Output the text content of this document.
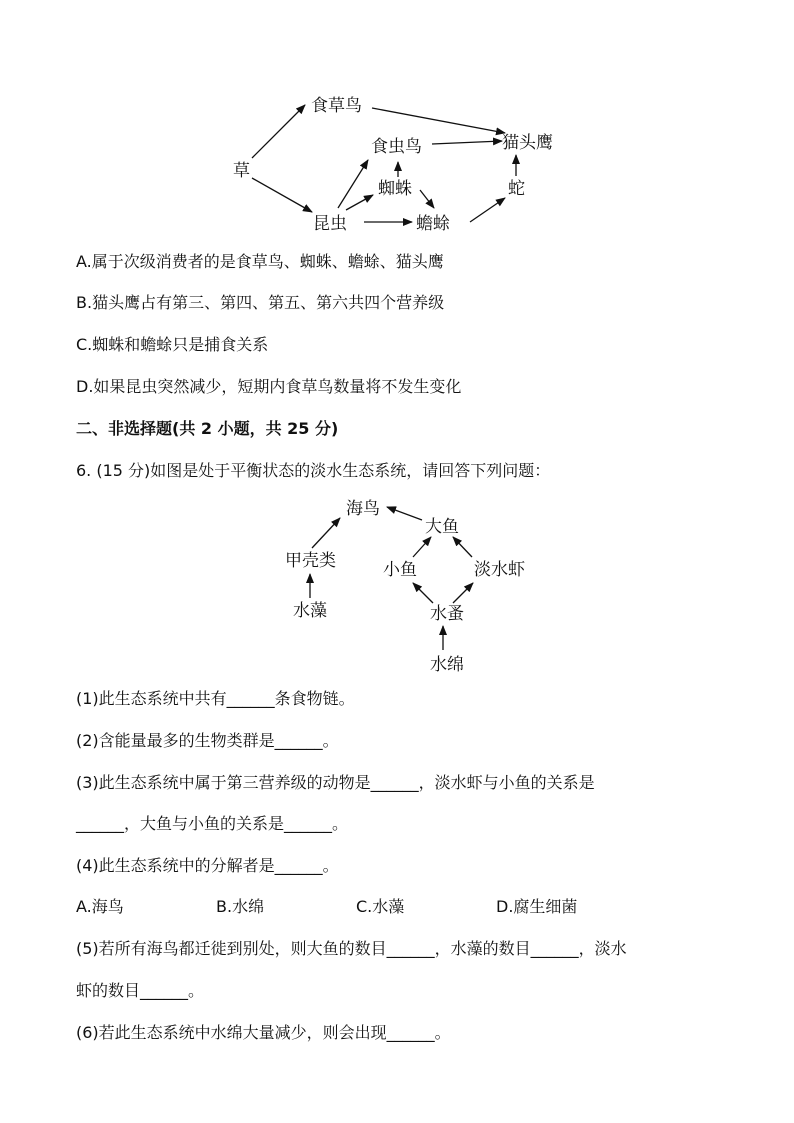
草
食草鸟
食虫鸟	猫头鹰
蜘蛛	蛇
昆虫	蟾蜍
海鸟
大鱼
甲壳类	小鱼	淡水虾
水藻	水蚤
水绵
A.属于次级消费者的是食草鸟、蜘蛛、蟾蜍、猫头鹰
B.猫头鹰占有第三、第四、第五、第六共四个营养级
C.蜘蛛和蟾蜍只是捕食关系
D.如果昆虫突然减少，短期内食草鸟数量将不发生变化
二、非选择题(共 2 小题，共 25 分)
6. (15 分)如图是处于平衡状态的淡水生态系统，请回答下列问题：
(1)此生态系统中共有______条食物链。
(2)含能量最多的生物类群是______。
(3)此生态系统中属于第三营养级的动物是______，淡水虾与小鱼的关系是
______，大鱼与小鱼的关系是______。
(4)此生态系统中的分解者是______。
A.海鸟	B.水绵	C.水藻	D.腐生细菌
(5)若所有海鸟都迁徙到别处，则大鱼的数目______，水藻的数目______，淡水
虾的数目______。
(6)若此生态系统中水绵大量减少，则会出现______。
